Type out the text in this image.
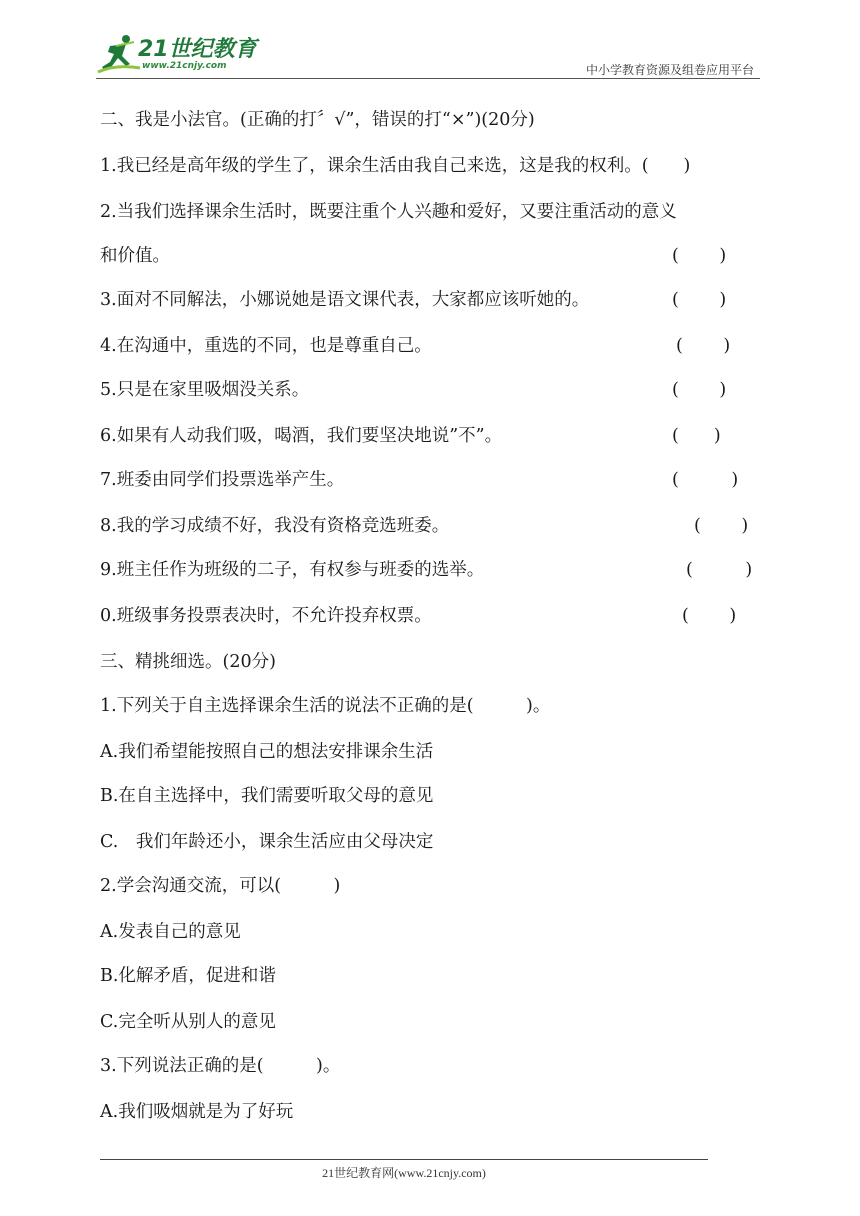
21世纪教育
www.21cnjy.com	中小学教育资源及组卷应用平台
二、我是小法官。(正确的打〞√”，错误的打“×”)(20分)
1.我已经是高年级的学生了，课余生活由我自己来选，这是我的权利。(　　)
2.当我们选择课余生活时，既要注重个人兴趣和爱好，又要注重活动的意义
和价值。	(　　 )
3.面对不同解法，小娜说她是语文课代表，大家都应该听她的。	(　　 )
4.在沟通中，重选的不同，也是尊重自己。	(　　 )
5.只是在家里吸烟没关系。	(　　 )
6.如果有人动我们吸，喝酒，我们要坚决地说”不”。	(　　)
7.班委由同学们投票选举产生。	(　　　)
8.我的学习成绩不好，我没有资格竞选班委。	(　　 )
9.班主任作为班级的二子，有权参与班委的选举。	(　　　)
0.班级事务投票表决时，不允许投弃权票。	(　　 )
三、精挑细选。(20分)
1.下列关于自主选择课余生活的说法不正确的是(　　　)。
A.我们希望能按照自己的想法安排课余生活
B.在自主选择中，我们需要听取父母的意见
C.　我们年龄还小，课余生活应由父母决定
2.学会沟通交流，可以(　　　)
A.发表自己的意见
B.化解矛盾，促进和谐
C.完全听从别人的意见
3.下列说法正确的是(　　　)。
A.我们吸烟就是为了好玩
21世纪教育网(www.21cnjy.com)
